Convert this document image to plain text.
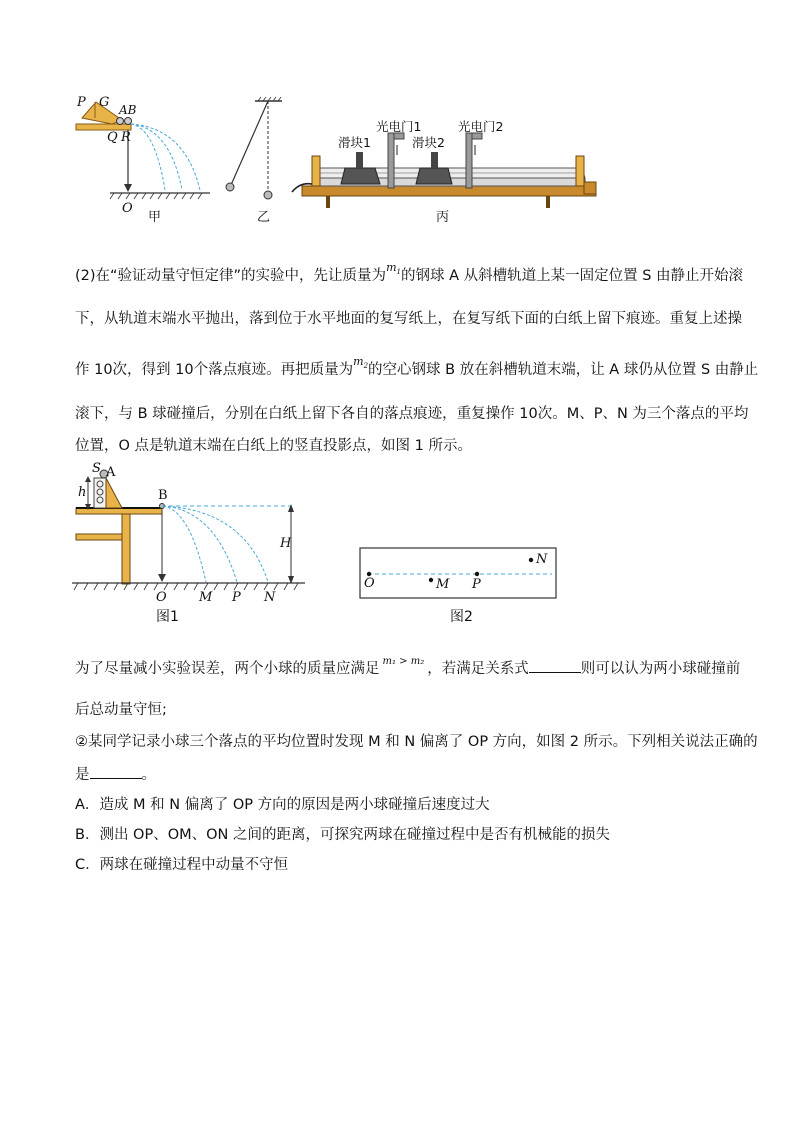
P G AB
Q R
O
甲	乙
光电门1	光电门2
滑块1	滑块2
丙
(2)在“验证动量守恒定律”的实验中，先让质量为$^{m_1}$的钢球 A 从斜槽轨道上某一固定位置 S 由静止开始滚
下，从轨道末端水平抛出，落到位于水平地面的复写纸上，在复写纸下面的白纸上留下痕迹。重复上述操
作 10次，得到 10个落点痕迹。再把质量为$^{m_2}$的空心钢球 B 放在斜槽轨道末端，让 A 球仍从位置 S 由静止
滚下，与 B 球碰撞后，分别在白纸上留下各自的落点痕迹，重复操作 10次。M、P、N 为三个落点的平均
位置，O 点是轨道末端在白纸上的竖直投影点，如图 1 所示。
S A
h	B
H
O M P N
图1
O	M P
N
图2
为了尽量减小实验误差，两个小球的质量应满足 $^{m_1 > m_2}$ ，若满足关系式	则可以认为两小球碰撞前
后总动量守恒;
②某同学记录小球三个落点的平均位置时发现 M 和 N 偏离了 OP 方向，如图 2 所示。下列相关说法正确的
是	。
A．造成 M 和 N 偏离了 OP 方向的原因是两小球碰撞后速度过大
B．测出 OP、OM、ON 之间的距离，可探究两球在碰撞过程中是否有机械能的损失
C．两球在碰撞过程中动量不守恒
